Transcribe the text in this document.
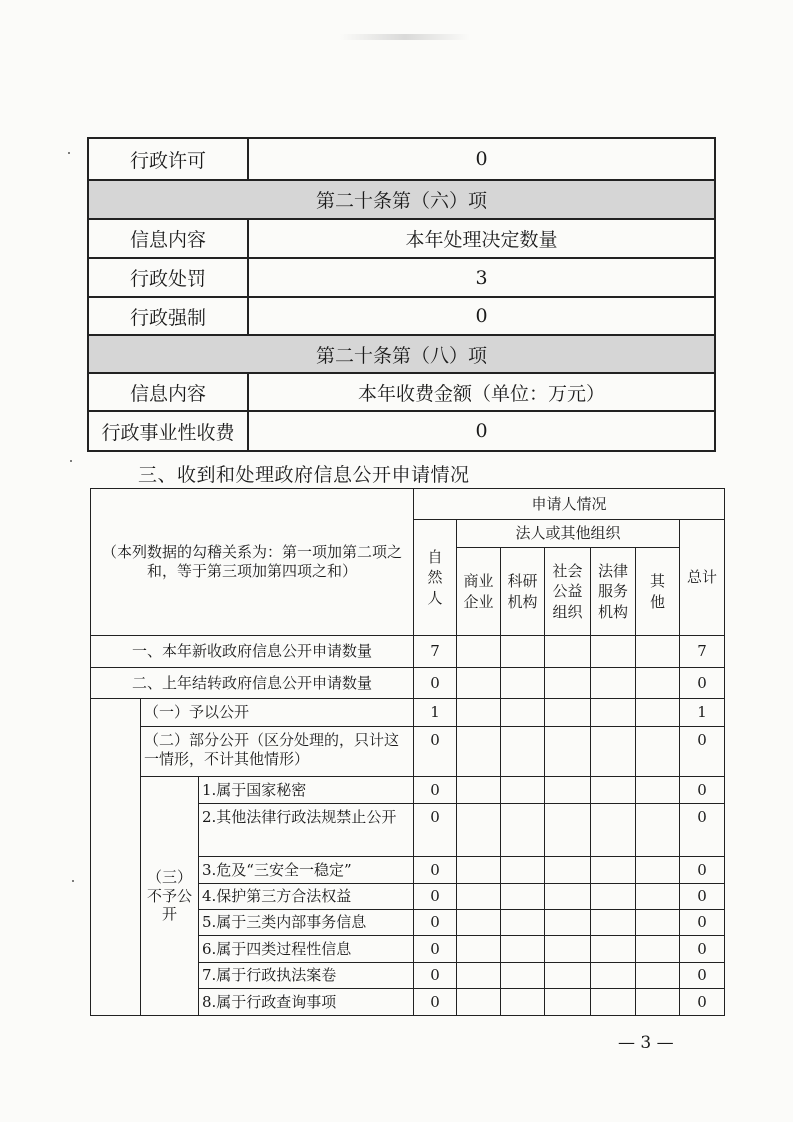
行政许可	0
第二十条第（六）项	
信息内容	本年处理决定数量
行政处罚	3
行政强制	0
第二十条第（八）项	
信息内容	本年收费金额（单位：万元）
行政事业性收费	0
三、收到和处理政府信息公开申请情况
（本列数据的勾稽关系为：第一项加第二项之和，等于第三项加第四项之和）			申请人情况						
			自然人	法人或其他组织					总计
				商业企业	科研机构	社会公益组织	法律服务机构	其他	
一、本年新收政府信息公开申请数量			7						7
二、上年结转政府信息公开申请数量			0						0
	（一）予以公开		1						1
	（二）部分公开（区分处理的，只计这一情形，不计其他情形）		0						0
	（三）不予公开	1.属于国家秘密	0						0
		2.其他法律行政法规禁止公开	0						0
		3.危及“三安全一稳定”	0						0
		4.保护第三方合法权益	0						0
		5.属于三类内部事务信息	0						0
		6.属于四类过程性信息	0						0
		7.属于行政执法案卷	0						0
		8.属于行政查询事项	0						0
— 3 —
